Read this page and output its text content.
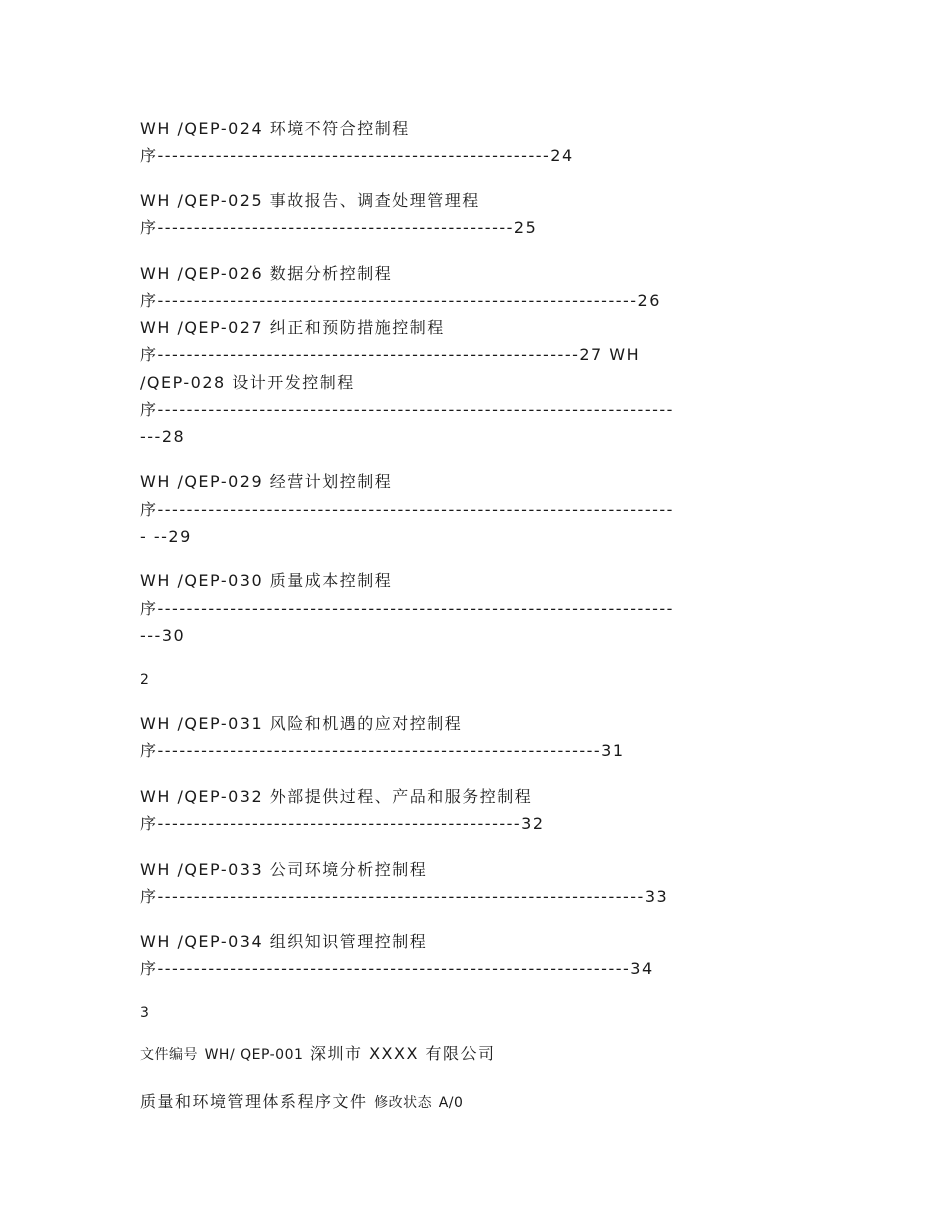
WH /QEP-024 环境不符合控制程
序------------------------------------------------------24
WH /QEP-025 事故报告、调查处理管理程
序-------------------------------------------------25
WH /QEP-026 数据分析控制程
序------------------------------------------------------------------26
WH /QEP-027 纠正和预防措施控制程
序----------------------------------------------------------27 WH
/QEP-028 设计开发控制程
序-----------------------------------------------------------------------
---28
WH /QEP-029 经营计划控制程
序-----------------------------------------------------------------------
- --29
WH /QEP-030 质量成本控制程
序-----------------------------------------------------------------------
---30
2
WH /QEP-031 风险和机遇的应对控制程
序-------------------------------------------------------------31
WH /QEP-032 外部提供过程、产品和服务控制程
序--------------------------------------------------32
WH /QEP-033 公司环境分析控制程
序-------------------------------------------------------------------33
WH /QEP-034 组织知识管理控制程
序-----------------------------------------------------------------34
3
文件编号 WH/ QEP-001 深圳市 XXXX 有限公司
质量和环境管理体系程序文件 修改状态 A/0
